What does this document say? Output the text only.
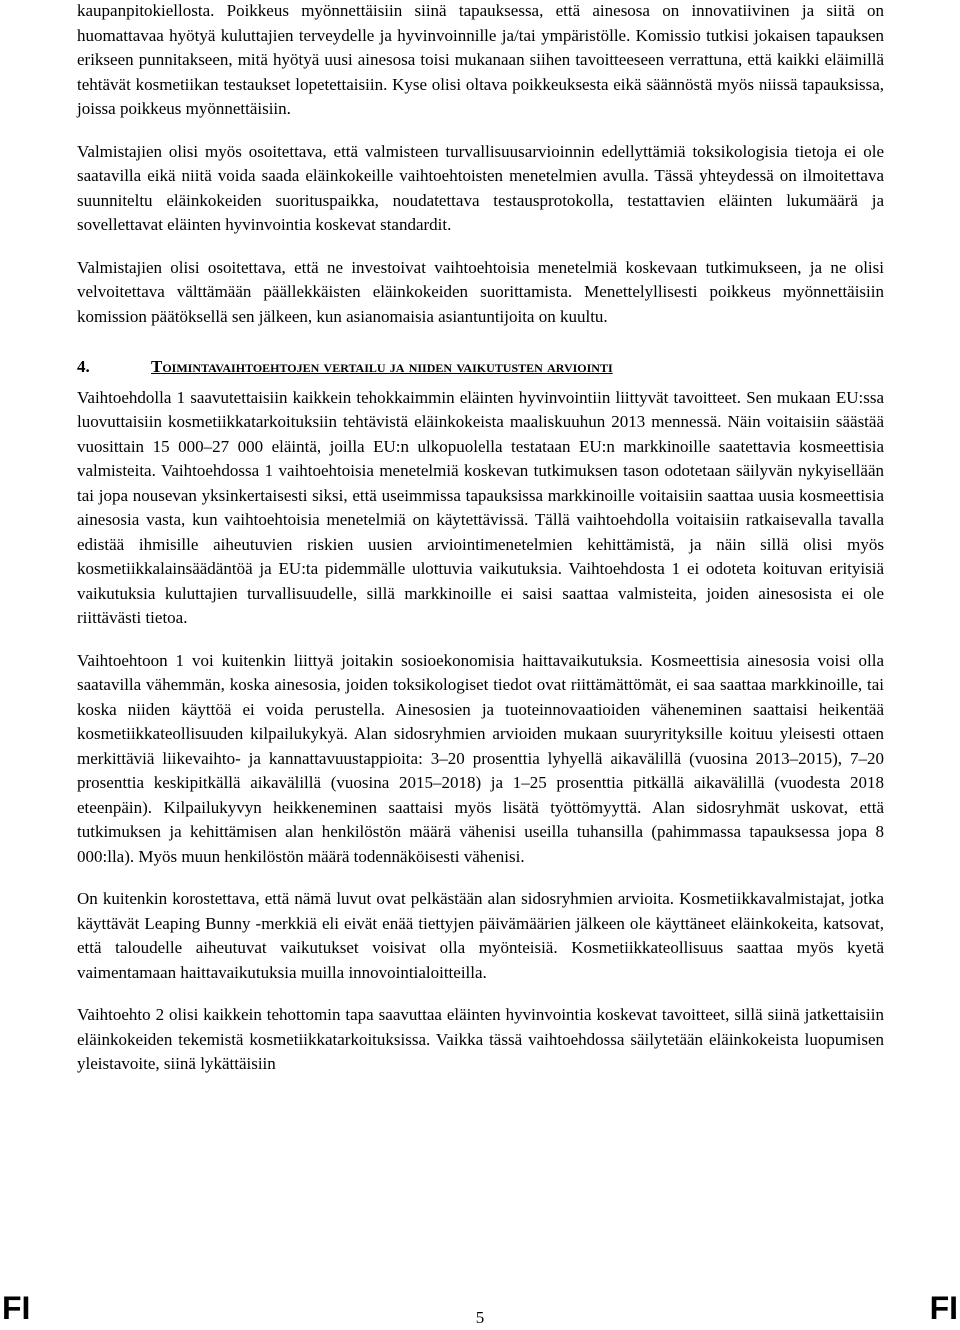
kaupanpitokiellosta. Poikkeus myönnettäisiin siinä tapauksessa, että ainesosa on innovatiivinen ja siitä on huomattavaa hyötyä kuluttajien terveydelle ja hyvinvoinnille ja/tai ympäristölle. Komissio tutkisi jokaisen tapauksen erikseen punnitakseen, mitä hyötyä uusi ainesosa toisi mukanaan siihen tavoitteeseen verrattuna, että kaikki eläimillä tehtävät kosmetiikan testaukset lopetettaisiin. Kyse olisi oltava poikkeuksesta eikä säännöstä myös niissä tapauksissa, joissa poikkeus myönnettäisiin.

Valmistajien olisi myös osoitettava, että valmisteen turvallisuusarvioinnin edellyttämiä toksikologisia tietoja ei ole saatavilla eikä niitä voida saada eläinkokeille vaihtoehtoisten menetelmien avulla. Tässä yhteydessä on ilmoitettava suunniteltu eläinkokeiden suorituspaikka, noudatettava testausprotokolla, testattavien eläinten lukumäärä ja sovellettavat eläinten hyvinvointia koskevat standardit.

Valmistajien olisi osoitettava, että ne investoivat vaihtoehtoisia menetelmiä koskevaan tutkimukseen, ja ne olisi velvoitettava välttämään päällekkäisten eläinkokeiden suorittamista. Menettelyllisesti poikkeus myönnettäisiin komission päätöksellä sen jälkeen, kun asianomaisia asiantuntijoita on kuultu.

4.	Toimintavaihtoehtojen vertailu ja niiden vaikutusten arviointi

Vaihtoehdolla 1 saavutettaisiin kaikkein tehokkaimmin eläinten hyvinvointiin liittyvät tavoitteet. Sen mukaan EU:ssa luovuttaisiin kosmetiikkatarkoituksiin tehtävistä eläinkokeista maaliskuuhun 2013 mennessä. Näin voitaisiin säästää vuosittain 15 000–27 000 eläintä, joilla EU:n ulkopuolella testataan EU:n markkinoille saatettavia kosmeettisia valmisteita. Vaihtoehdossa 1 vaihtoehtoisia menetelmiä koskevan tutkimuksen tason odotetaan säilyvän nykyisellään tai jopa nousevan yksinkertaisesti siksi, että useimmissa tapauksissa markkinoille voitaisiin saattaa uusia kosmeettisia ainesosia vasta, kun vaihtoehtoisia menetelmiä on käytettävissä. Tällä vaihtoehdolla voitaisiin ratkaisevalla tavalla edistää ihmisille aiheutuvien riskien uusien arviointimenetelmien kehittämistä, ja näin sillä olisi myös kosmetiikkalainsäädäntöä ja EU:ta pidemmälle ulottuvia vaikutuksia. Vaihtoehdosta 1 ei odoteta koituvan erityisiä vaikutuksia kuluttajien turvallisuudelle, sillä markkinoille ei saisi saattaa valmisteita, joiden ainesosista ei ole riittävästi tietoa.

Vaihtoehtoon 1 voi kuitenkin liittyä joitakin sosioekonomisia haittavaikutuksia. Kosmeettisia ainesosia voisi olla saatavilla vähemmän, koska ainesosia, joiden toksikologiset tiedot ovat riittämättömät, ei saa saattaa markkinoille, tai koska niiden käyttöä ei voida perustella. Ainesosien ja tuoteinnovaatioiden väheneminen saattaisi heikentää kosmetiikkateollisuuden kilpailukykyä. Alan sidosryhmien arvioiden mukaan suuryrityksille koituu yleisesti ottaen merkittäviä liikevaihto- ja kannattavuustappioita: 3–20 prosenttia lyhyellä aikavälillä (vuosina 2013–2015), 7–20 prosenttia keskipitkällä aikavälillä (vuosina 2015–2018) ja 1–25 prosenttia pitkällä aikavälillä (vuodesta 2018 eteenpäin). Kilpailukyvyn heikkeneminen saattaisi myös lisätä työttömyyttä. Alan sidosryhmät uskovat, että tutkimuksen ja kehittämisen alan henkilöstön määrä vähenisi useilla tuhansilla (pahimmassa tapauksessa jopa 8 000:lla). Myös muun henkilöstön määrä todennäköisesti vähenisi.

On kuitenkin korostettava, että nämä luvut ovat pelkästään alan sidosryhmien arvioita. Kosmetiikkavalmistajat, jotka käyttävät Leaping Bunny -merkkiä eli eivät enää tiettyjen päivämäärien jälkeen ole käyttäneet eläinkokeita, katsovat, että taloudelle aiheutuvat vaikutukset voisivat olla myönteisiä. Kosmetiikkateollisuus saattaa myös kyetä vaimentamaan haittavaikutuksia muilla innovointialoitteilla.

Vaihtoehto 2 olisi kaikkein tehottomin tapa saavuttaa eläinten hyvinvointia koskevat tavoitteet, sillä siinä jatkettaisiin eläinkokeiden tekemistä kosmetiikkatarkoituksissa. Vaikka tässä vaihtoehdossa säilytetään eläinkokeista luopumisen yleistavoite, siinä lykättäisiin

FI	5	FI
